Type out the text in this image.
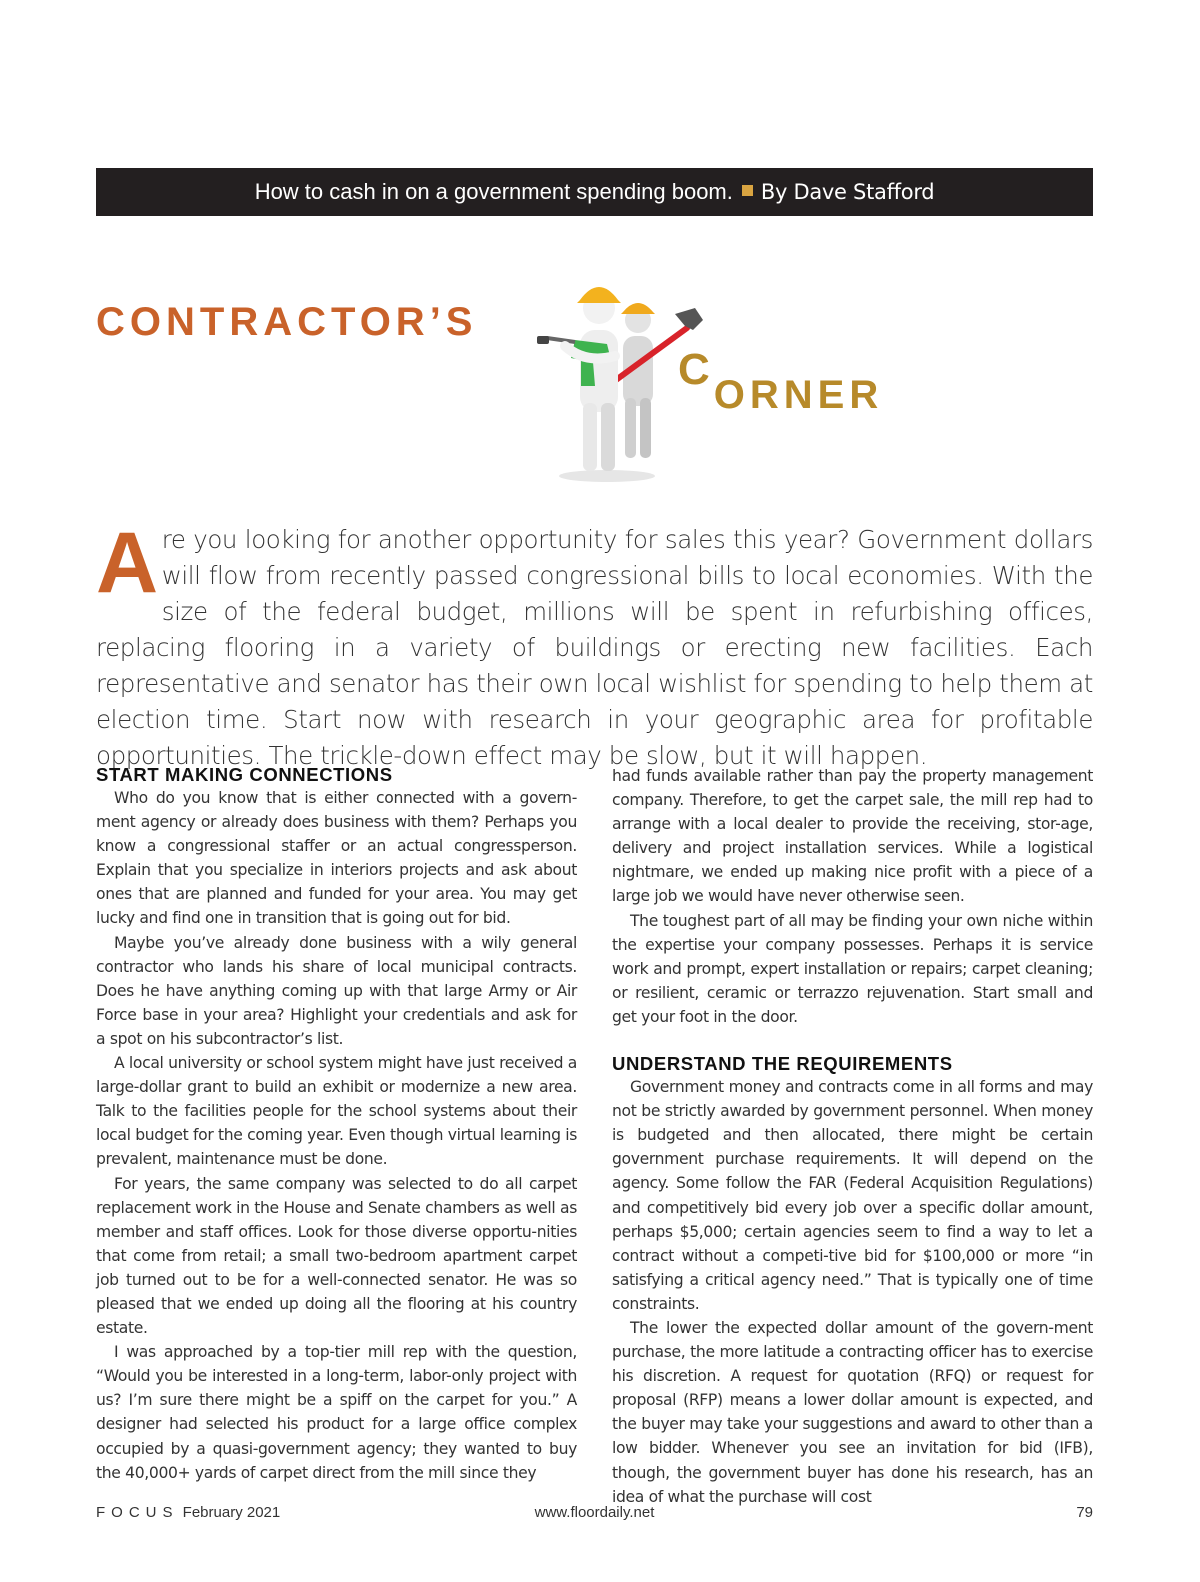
How to cash in on a government spending boom. By Dave Stafford
CONTRACTOR’S
CORNER
Are you looking for another opportunity for sales this year? Government dollars will flow from recently passed congressional bills to local economies. With the size of the federal budget, millions will be spent in refurbishing offices, replacing flooring in a variety of buildings or erecting new facilities. Each representative and senator has their own local wishlist for spending to help them at election time. Start now with research in your geographic area for profitable opportunities. The trickle-down effect may be slow, but it will happen.
START MAKING CONNECTIONS

Who do you know that is either connected with a govern-ment agency or already does business with them? Perhaps you know a congressional staffer or an actual congressperson. Explain that you specialize in interiors projects and ask about ones that are planned and funded for your area. You may get lucky and find one in transition that is going out for bid.

Maybe you’ve already done business with a wily general contractor who lands his share of local municipal contracts. Does he have anything coming up with that large Army or Air Force base in your area? Highlight your credentials and ask for a spot on his subcontractor’s list.

A local university or school system might have just received a large-dollar grant to build an exhibit or modernize a new area. Talk to the facilities people for the school systems about their local budget for the coming year. Even though virtual learning is prevalent, maintenance must be done.

For years, the same company was selected to do all carpet replacement work in the House and Senate chambers as well as member and staff offices. Look for those diverse opportu-nities that come from retail; a small two-bedroom apartment carpet job turned out to be for a well-connected senator. He was so pleased that we ended up doing all the flooring at his country estate.

I was approached by a top-tier mill rep with the question, “Would you be interested in a long-term, labor-only project with us? I’m sure there might be a spiff on the carpet for you.” A designer had selected his product for a large office complex occupied by a quasi-government agency; they wanted to buy the 40,000+ yards of carpet direct from the mill since they

had funds available rather than pay the property management company. Therefore, to get the carpet sale, the mill rep had to arrange with a local dealer to provide the receiving, stor-age, delivery and project installation services. While a logistical nightmare, we ended up making nice profit with a piece of a large job we would have never otherwise seen.

The toughest part of all may be finding your own niche within the expertise your company possesses. Perhaps it is service work and prompt, expert installation or repairs; carpet cleaning; or resilient, ceramic or terrazzo rejuvenation. Start small and get your foot in the door.

UNDERSTAND THE REQUIREMENTS

Government money and contracts come in all forms and may not be strictly awarded by government personnel. When money is budgeted and then allocated, there might be certain government purchase requirements. It will depend on the agency. Some follow the FAR (Federal Acquisition Regulations) and competitively bid every job over a specific dollar amount, perhaps $5,000; certain agencies seem to find a way to let a contract without a competi-tive bid for $100,000 or more “in satisfying a critical agency need.” That is typically one of time constraints.

The lower the expected dollar amount of the govern-ment purchase, the more latitude a contracting officer has to exercise his discretion. A request for quotation (RFQ) or request for proposal (RFP) means a lower dollar amount is expected, and the buyer may take your suggestions and award to other than a low bidder. Whenever you see an invitation for bid (IFB), though, the government buyer has done his research, has an idea of what the purchase will cost

FOCUS February 2021	www.floordaily.net	79
